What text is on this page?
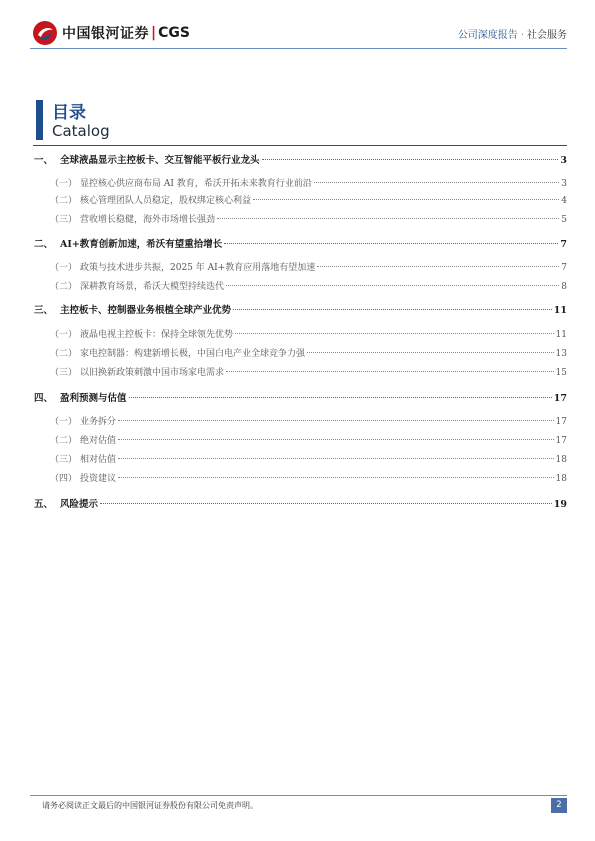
中国银河证券 | CGS	公司深度报告 · 社会服务
目录
Catalog
一、 全球液晶显示主控板卡、交互智能平板行业龙头	3
（一） 显控核心供应商布局 AI 教育，希沃开拓未来教育行业前沿	3
（二） 核心管理团队人员稳定，股权绑定核心利益	4
（三） 营收增长稳健，海外市场增长强劲	5
二、 AI+教育创新加速，希沃有望重拾增长	7
（一） 政策与技术进步共振，2025 年 AI+教育应用落地有望加速	7
（二） 深耕教育场景，希沃大模型持续迭代	8
三、 主控板卡、控制器业务根植全球产业优势	11
（一） 液晶电视主控板卡：保持全球领先优势	11
（二） 家电控制器：构建新增长极，中国白电产业全球竞争力强	13
（三） 以旧换新政策刺激中国市场家电需求	15
四、 盈利预测与估值	17
（一） 业务拆分	17
（二） 绝对估值	17
（三） 相对估值	18
（四） 投资建议	18
五、 风险提示	19
请务必阅读正文最后的中国银河证券股份有限公司免责声明。	2
